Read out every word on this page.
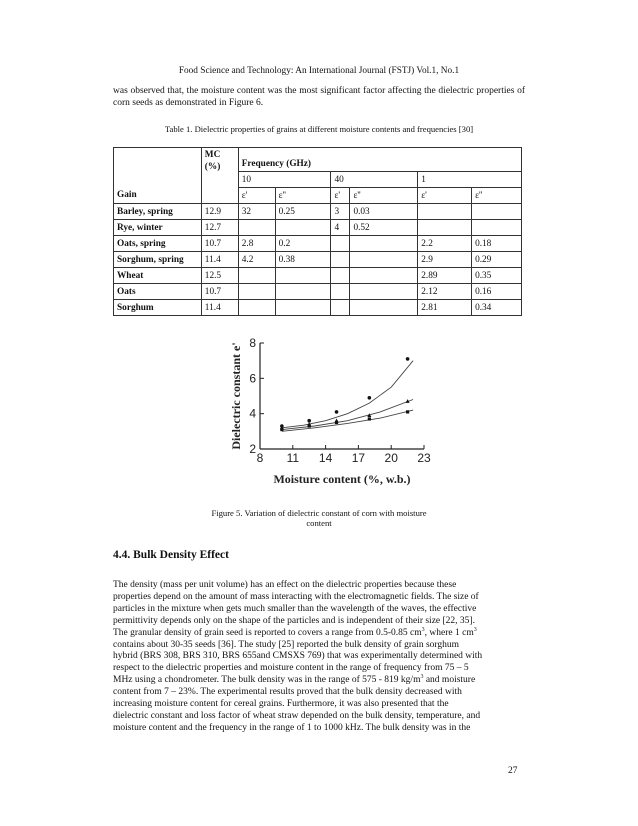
Food Science and Technology: An International Journal (FSTJ) Vol.1, No.1

was observed that, the moisture content was the most significant factor affecting the dielectric properties of corn seeds as demonstrated in Figure 6.

Table 1. Dielectric properties of grains at different moisture contents and frequencies [30]
Gain	MC (%)	Frequency (GHz)					
		10		40		1	
		ε'	ε''	ε'	ε''	ε'	ε''
Barley, spring	12.9	32	0.25	3	0.03		
Rye, winter	12.7			4	0.52		
Oats, spring	10.7	2.8	0.2			2.2	0.18
Sorghum, spring	11.4	4.2	0.38			2.9	0.29
Wheat	12.5					2.89	0.35
Oats	10.7					2.12	0.16
Sorghum	11.4					2.81	0.34
2
4
6
8
8 11 14 17 20 23
Moisture content (%, w.b.)
Dielectric constant e'
Figure 5. Variation of dielectric constant of corn with moisture
content
4.4. Bulk Density Effect
The density (mass per unit volume) has an effect on the dielectric properties because these
properties depend on the amount of mass interacting with the electromagnetic fields. The size of
particles in the mixture when gets much smaller than the wavelength of the waves, the effective
permittivity depends only on the shape of the particles and is independent of their size [22, 35].
The granular density of grain seed is reported to covers a range from 0.5-0.85 $cm^3$, where 1 $cm^3$
contains about 30-35 seeds [36]. The study [25] reported the bulk density of grain sorghum
hybrid (BRS 308, BRS 310, BRS 655and CMSXS 769) that was experimentally determined with
respect to the dielectric properties and moisture content in the range of frequency from 75 – 5
MHz using a chondrometer. The bulk density was in the range of 575 - 819 $kg/m^3$ and moisture
content from 7 – 23%. The experimental results proved that the bulk density decreased with
increasing moisture content for cereal grains. Furthermore, it was also presented that the
dielectric constant and loss factor of wheat straw depended on the bulk density, temperature, and
moisture content and the frequency in the range of 1 to 1000 kHz. The bulk density was in the
27
